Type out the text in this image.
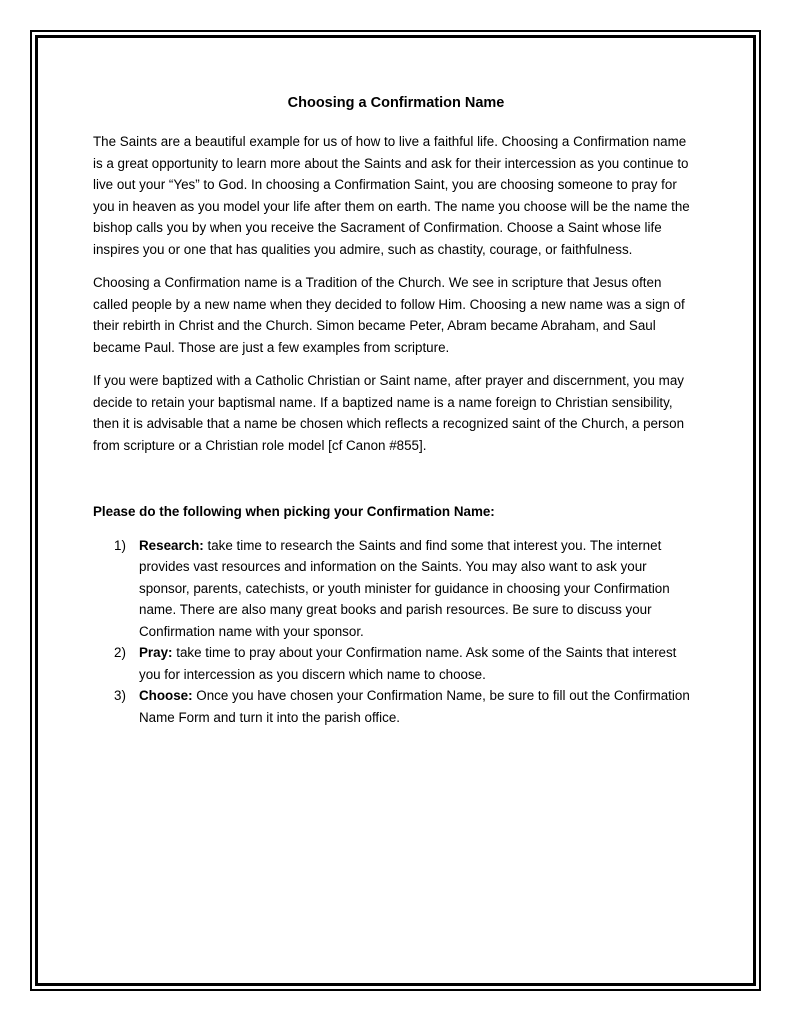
Choosing a Confirmation Name

The Saints are a beautiful example for us of how to live a faithful life. Choosing a Confirmation name is a great opportunity to learn more about the Saints and ask for their intercession as you continue to live out your “Yes” to God. In choosing a Confirmation Saint, you are choosing someone to pray for you in heaven as you model your life after them on earth. The name you choose will be the name the bishop calls you by when you receive the Sacrament of Confirmation. Choose a Saint whose life inspires you or one that has qualities you admire, such as chastity, courage, or faithfulness.

Choosing a Confirmation name is a Tradition of the Church. We see in scripture that Jesus often called people by a new name when they decided to follow Him. Choosing a new name was a sign of their rebirth in Christ and the Church. Simon became Peter, Abram became Abraham, and Saul became Paul. Those are just a few examples from scripture.

If you were baptized with a Catholic Christian or Saint name, after prayer and discernment, you may decide to retain your baptismal name. If a baptized name is a name foreign to Christian sensibility, then it is advisable that a name be chosen which reflects a recognized saint of the Church, a person from scripture or a Christian role model [cf Canon #855].

Please do the following when picking your Confirmation Name:
1) Research: take time to research the Saints and find some that interest you. The internet provides vast resources and information on the Saints. You may also want to ask your sponsor, parents, catechists, or youth minister for guidance in choosing your Confirmation name. There are also many great books and parish resources. Be sure to discuss your Confirmation name with your sponsor.
2) Pray: take time to pray about your Confirmation name. Ask some of the Saints that interest you for intercession as you discern which name to choose.
3) Choose: Once you have chosen your Confirmation Name, be sure to fill out the Confirmation Name Form and turn it into the parish office.
